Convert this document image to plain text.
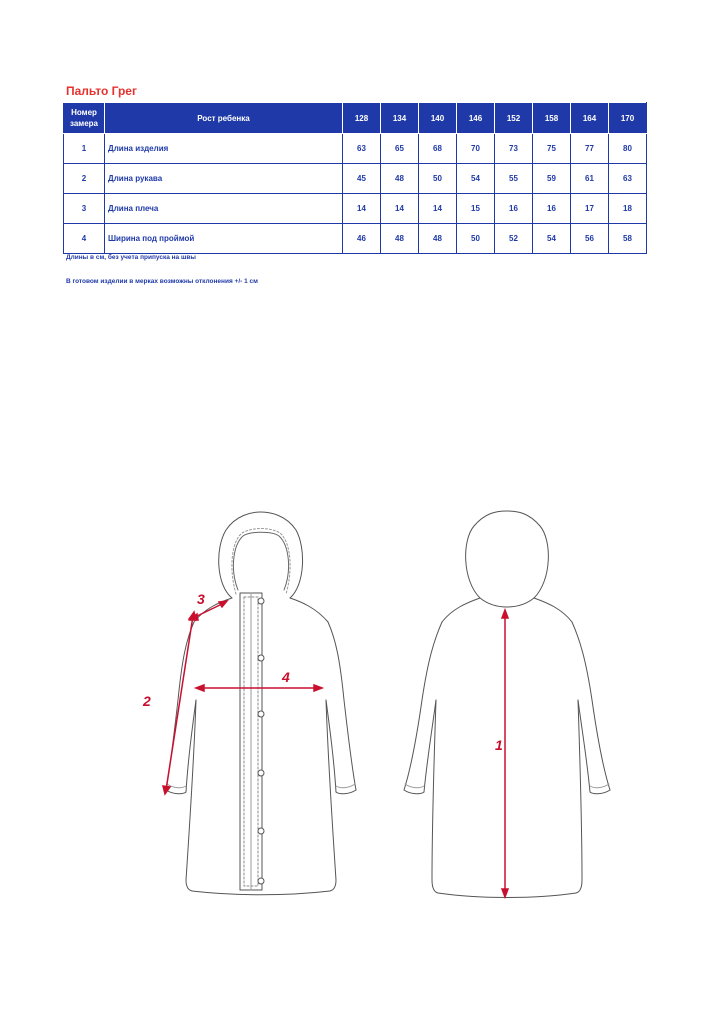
Пальто Грег
Номер замера	Рост ребенка	128	134	140	146	152	158	164	170
1	Длина изделия	63	65	68	70	73	75	77	80
2	Длина рукава	45	48	50	54	55	59	61	63
3	Длина плеча	14	14	14	15	16	16	17	18
4	Ширина под проймой	46	48	48	50	52	54	56	58
Длины в см, без учета припуска на швы
В готовом изделии в мерках возможны отклонения +/- 1 см
1
2
3
4
